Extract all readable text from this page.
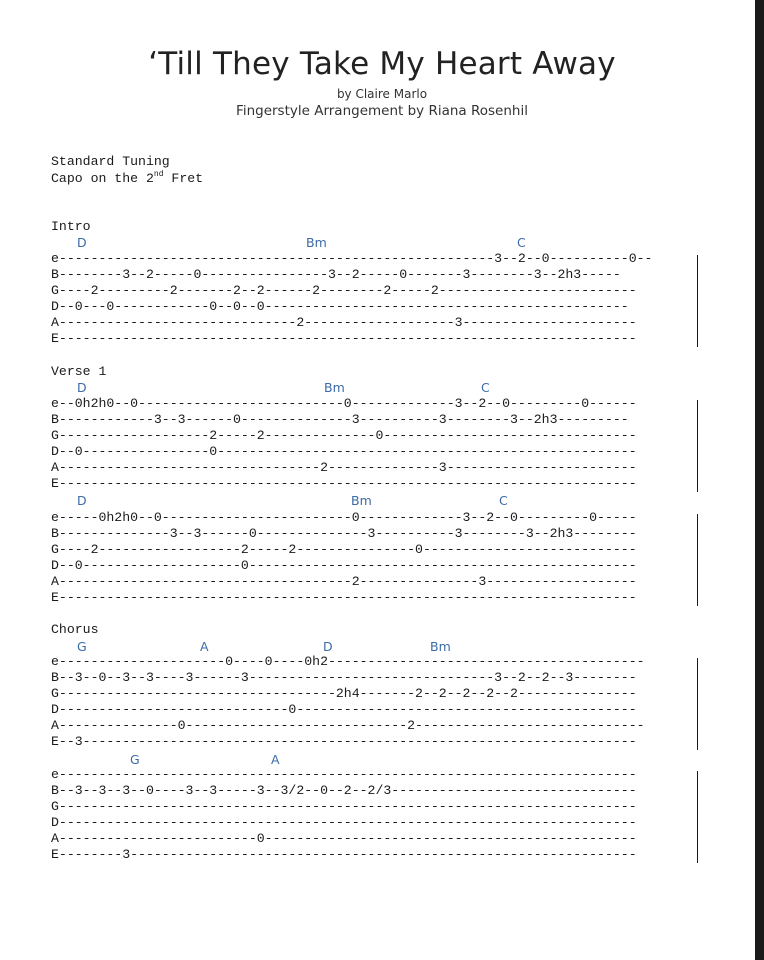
‘Till They Take My Heart Away
by Claire Marlo
Fingerstyle Arrangement by Riana Rosenhil
Standard Tuning
Capo on the 2nd Fret
Intro
D	Bm	C
e-------------------------------------------------------3--2--0----------0--
B--------3--2-----0----------------3--2-----0-------3--------3--2h3-----
G----2---------2-------2--2------2--------2-----2-------------------------
D--0---0------------0--0--0----------------------------------------------
A------------------------------2-------------------3----------------------
E-------------------------------------------------------------------------
Verse 1
D	Bm	C
e--0h2h0--0--------------------------0-------------3--2--0---------0------
B------------3--3------0--------------3----------3--------3--2h3---------
G-------------------2-----2--------------0--------------------------------
D--0----------------0-----------------------------------------------------
A---------------------------------2--------------3------------------------
E-------------------------------------------------------------------------
D	Bm	C
e-----0h2h0--0------------------------0-------------3--2--0---------0-----
B--------------3--3------0--------------3----------3--------3--2h3--------
G----2------------------2-----2---------------0---------------------------
D--0--------------------0-------------------------------------------------
A-------------------------------------2---------------3-------------------
E-------------------------------------------------------------------------
Chorus
G	A	D	Bm
e---------------------0----0----0h2----------------------------------------
B--3--0--3--3----3------3-------------------------------3--2--2--3--------
G-----------------------------------2h4-------2--2--2--2--2---------------
D-----------------------------0-------------------------------------------
A---------------0----------------------------2-----------------------------
E--3----------------------------------------------------------------------
G	A
e-------------------------------------------------------------------------
B--3--3--3--0----3--3-----3--3/2--0--2--2/3-------------------------------
G-------------------------------------------------------------------------
D-------------------------------------------------------------------------
A-------------------------0-----------------------------------------------
E--------3----------------------------------------------------------------
